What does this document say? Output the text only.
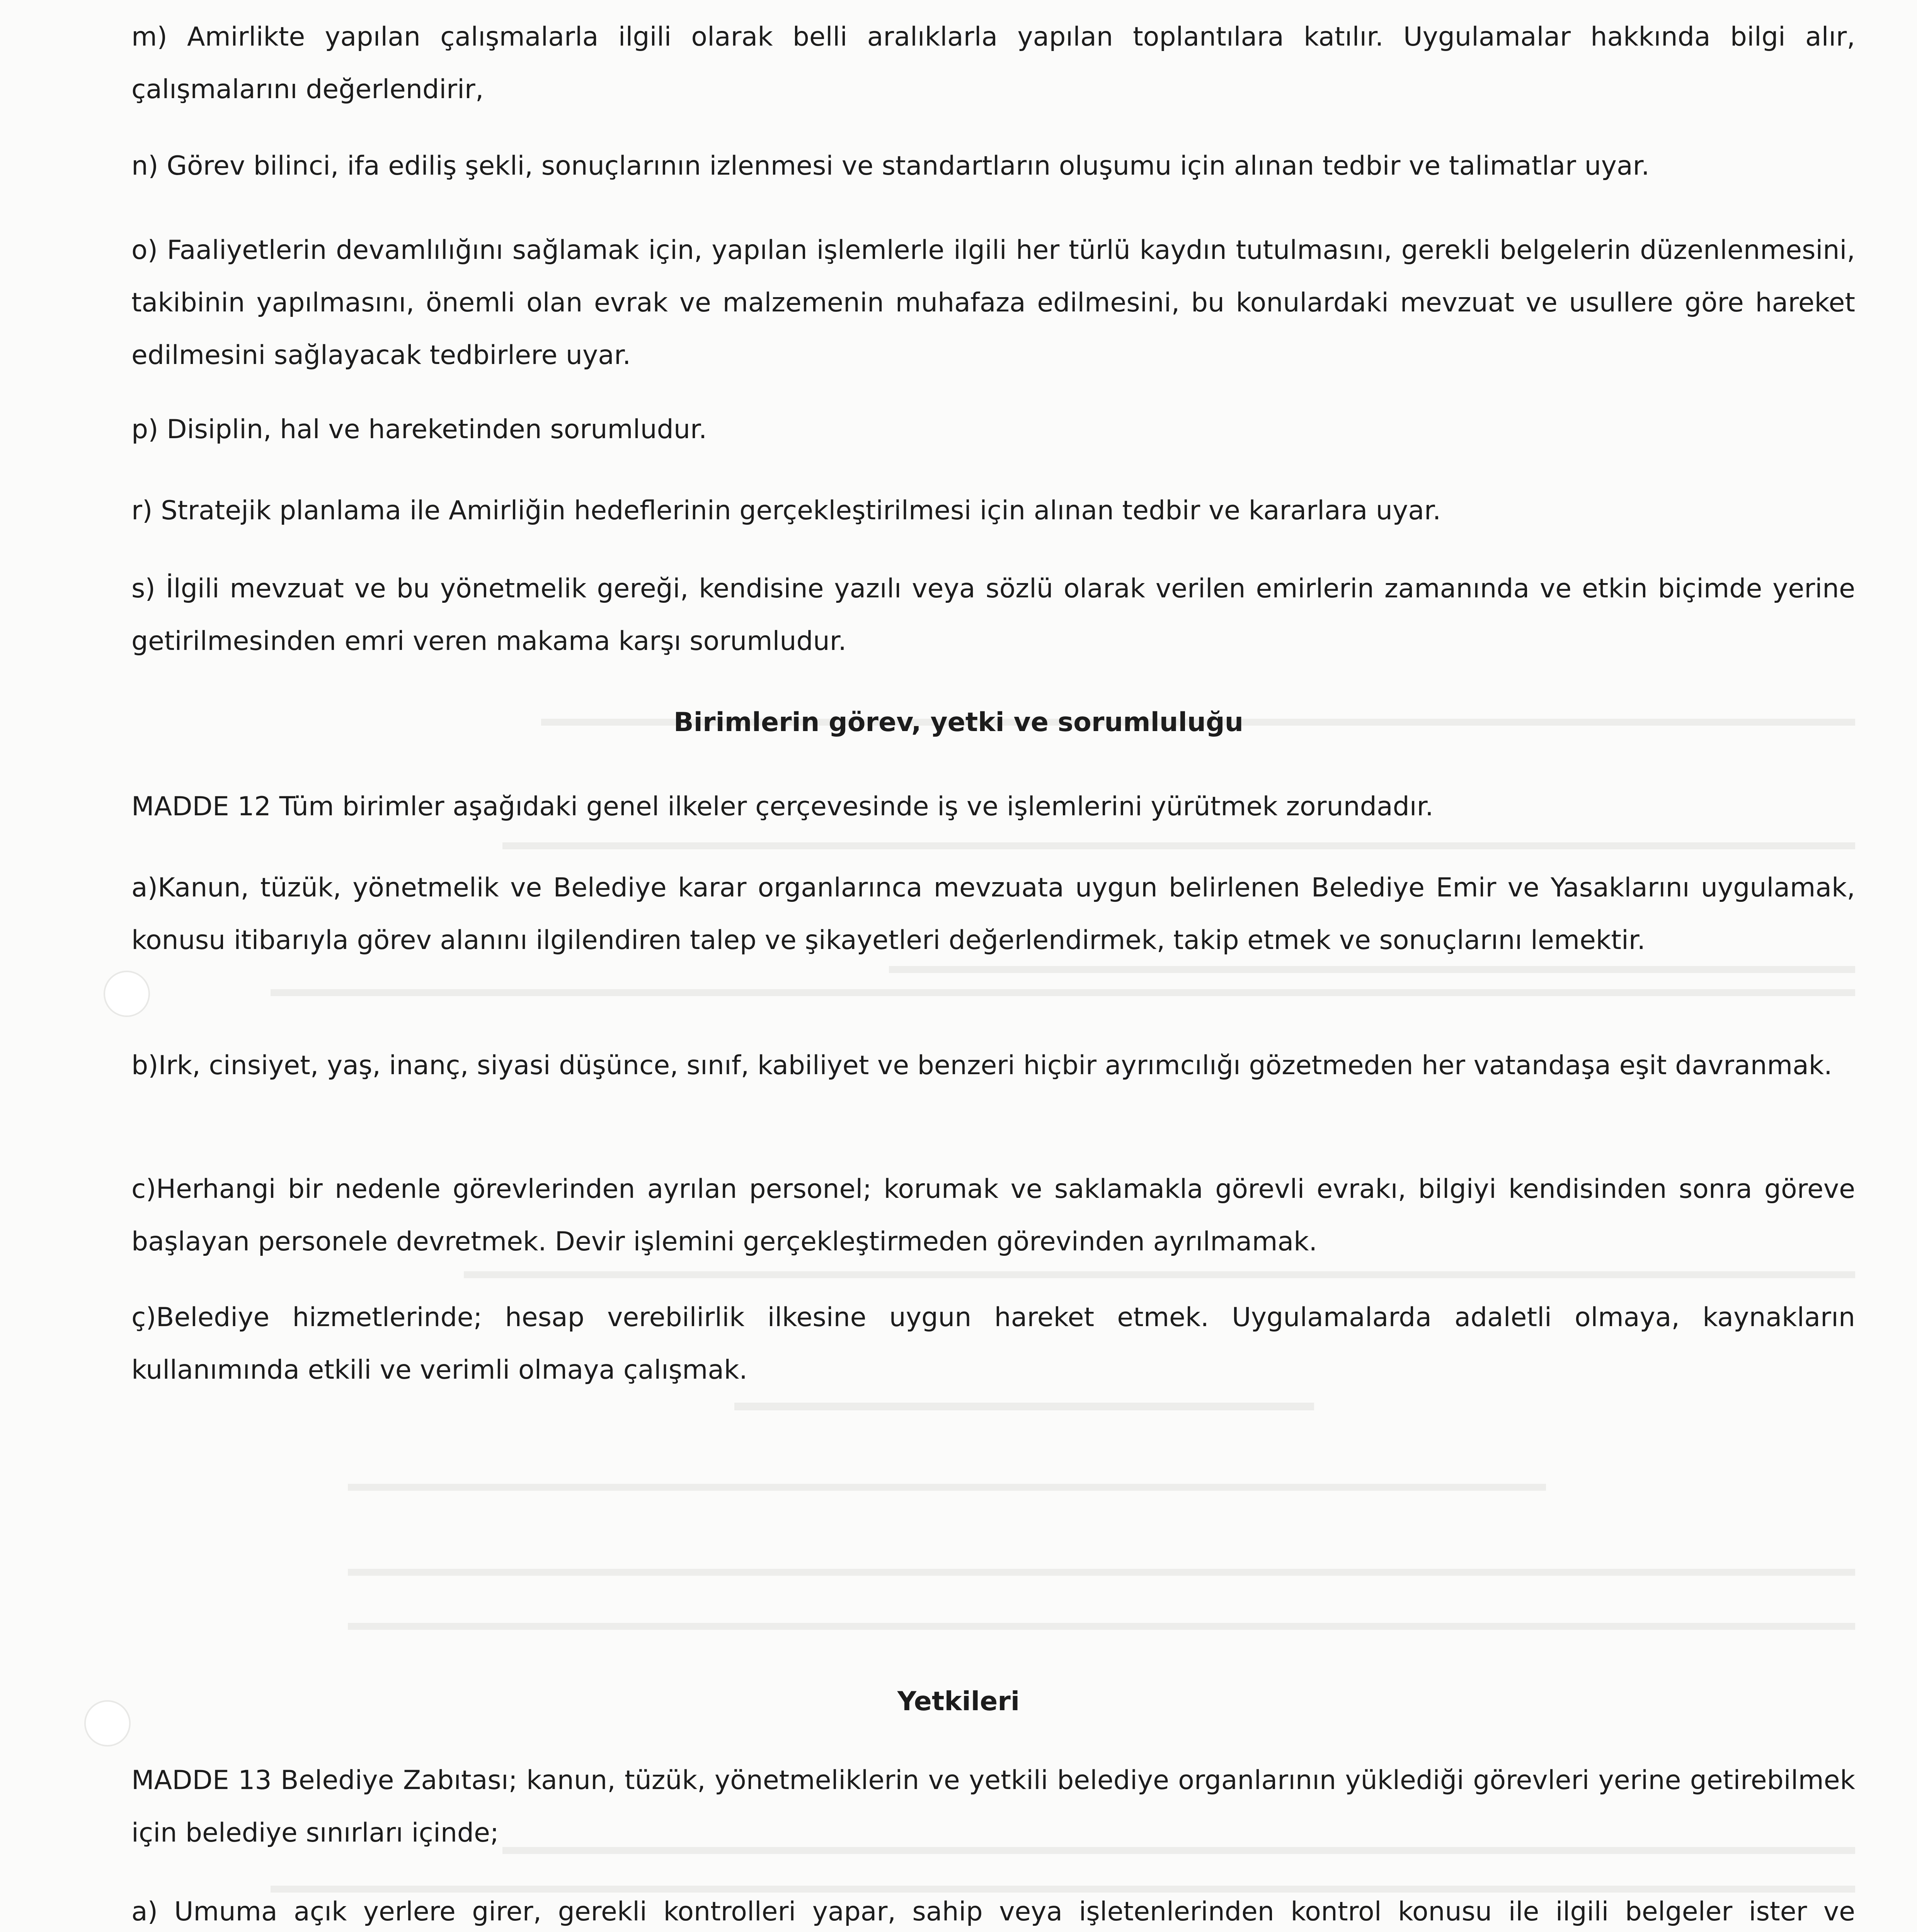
m) Amirlikte yapılan çalışmalarla ilgili olarak belli aralıklarla yapılan toplantılara katılır. Uygulamalar hakkında bilgi alır, çalışmalarını değerlendirir,

n) Görev bilinci, ifa ediliş şekli, sonuçlarının izlenmesi ve standartların oluşumu için alınan tedbir ve talimatlar uyar.

o) Faaliyetlerin devamlılığını sağlamak için, yapılan işlemlerle ilgili her türlü kaydın tutulmasını, gerekli belgelerin düzenlenmesini, takibinin yapılmasını, önemli olan evrak ve malzemenin muhafaza edilmesini, bu konulardaki mevzuat ve usullere göre hareket edilmesini sağlayacak tedbirlere uyar.

p) Disiplin, hal ve hareketinden sorumludur.

r) Stratejik planlama ile Amirliğin hedeflerinin gerçekleştirilmesi için alınan tedbir ve kararlara uyar.

s) İlgili mevzuat ve bu yönetmelik gereği, kendisine yazılı veya sözlü olarak verilen emirlerin zamanında ve etkin biçimde yerine getirilmesinden emri veren makama karşı sorumludur.

Birimlerin görev, yetki ve sorumluluğu

MADDE 12 Tüm birimler aşağıdaki genel ilkeler çerçevesinde iş ve işlemlerini yürütmek zorundadır.

a)Kanun, tüzük, yönetmelik ve Belediye karar organlarınca mevzuata uygun belirlenen Belediye Emir ve Yasaklarını uygulamak, konusu itibarıyla görev alanını ilgilendiren talep ve şikayetleri değerlendirmek, takip etmek ve sonuçlarını lemektir.

b)Irk, cinsiyet, yaş, inanç, siyasi düşünce, sınıf, kabiliyet ve benzeri hiçbir ayrımcılığı gözetmeden her vatandaşa eşit davranmak.

c)Herhangi bir nedenle görevlerinden ayrılan personel; korumak ve saklamakla görevli evrakı, bilgiyi kendisinden sonra göreve başlayan personele devretmek. Devir işlemini gerçekleştirmeden görevinden ayrılmamak.

ç)Belediye hizmetlerinde; hesap verebilirlik ilkesine uygun hareket etmek. Uygulamalarda adaletli olmaya, kaynakların kullanımında etkili ve verimli olmaya çalışmak.

Yetkileri

MADDE 13 Belediye Zabıtası; kanun, tüzük, yönetmeliklerin ve yetkili belediye organlarının yüklediği görevleri yerine getirebilmek için belediye sınırları içinde;

a) Umuma açık yerlere girer, gerekli kontrolleri yapar, sahip veya işletenlerinden kontrol konusu ile ilgili belgeler ister ve
